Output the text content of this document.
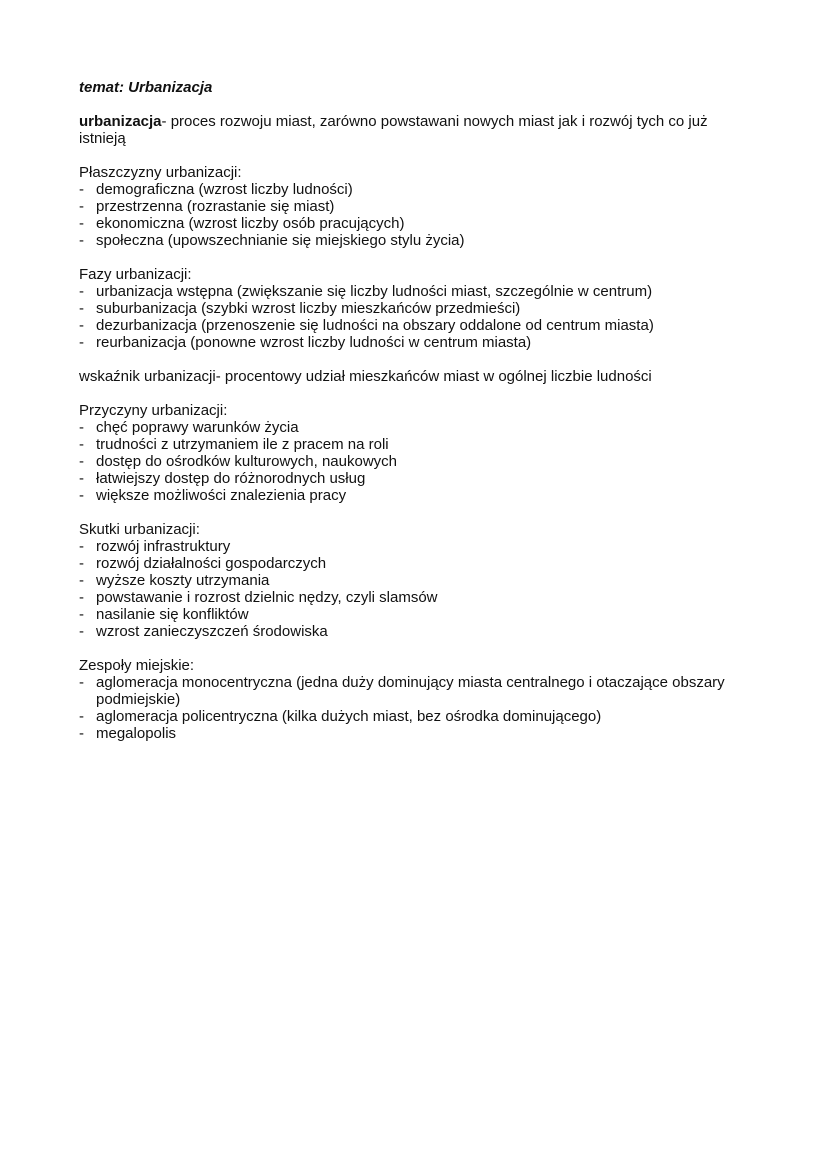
temat: Urbanizacja

urbanizacja- proces rozwoju miast, zarówno powstawani nowych miast jak i rozwój tych co już istnieją

Płaszczyzny urbanizacji:

- demograficzna (wzrost liczby ludności)
- przestrzenna (rozrastanie się miast)
- ekonomiczna (wzrost liczby osób pracujących)
- społeczna (upowszechnianie się miejskiego stylu życia)

Fazy urbanizacji:

- urbanizacja wstępna (zwiększanie się liczby ludności miast, szczególnie w centrum)
- suburbanizacja (szybki wzrost liczby mieszkańców przedmieści)
- dezurbanizacja (przenoszenie się ludności na obszary oddalone od centrum miasta)
- reurbanizacja (ponowne wzrost liczby ludności w centrum miasta)

wskaźnik urbanizacji- procentowy udział mieszkańców miast w ogólnej liczbie ludności

Przyczyny urbanizacji:

- chęć poprawy warunków życia
- trudności z utrzymaniem ile z pracem na roli
- dostęp do ośrodków kulturowych, naukowych
- łatwiejszy dostęp do różnorodnych usług
- większe możliwości znalezienia pracy

Skutki urbanizacji:

- rozwój infrastruktury
- rozwój działalności gospodarczych
- wyższe koszty utrzymania
- powstawanie i rozrost dzielnic nędzy, czyli slamsów
- nasilanie się konfliktów
- wzrost zanieczyszczeń środowiska

Zespoły miejskie:

- aglomeracja monocentryczna (jedna duży dominujący miasta centralnego i otaczające obszary podmiejskie)
- aglomeracja policentryczna (kilka dużych miast, bez ośrodka dominującego)
- megalopolis
